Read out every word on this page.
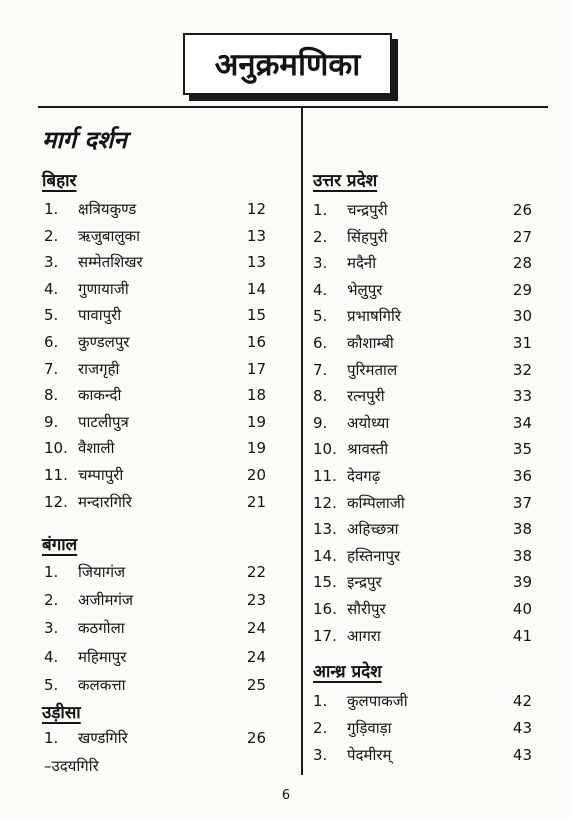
अनुक्रमणिका
मार्ग दर्शन
बिहार
1. क्षत्रियकुण्ड	12
2. ऋजुबालुका	13
3. सम्मेतशिखर	13
4. गुणायाजी	14
5. पावापुरी	15
6. कुण्डलपुर	16
7. राजगृही	17
8. काकन्दी	18
9. पाटलीपुत्र	19
10. वैशाली	19
11. चम्पापुरी	20
12. मन्दारगिरि	21
बंगाल
1. जियागंज	22
2. अजीमगंज	23
3. कठगोला	24
4. महिमापुर	24
5. कलकत्ता	25
उड़ीसा
1. खण्डगिरि	26
–उदयगिरि
उत्तर प्रदेश
1. चन्द्रपुरी	26
2. सिंहपुरी	27
3. मदैनी	28
4. भेलुपुर	29
5. प्रभाषगिरि	30
6. कौशाम्बी	31
7. पुरिमताल	32
8. रत्नपुरी	33
9. अयोध्या	34
10. श्रावस्ती	35
11. देवगढ़	36
12. कम्पिलाजी	37
13. अहिच्छत्रा	38
14. हस्तिनापुर	38
15. इन्द्रपुर	39
16. सौरीपुर	40
17. आगरा	41
आन्ध्र प्रदेश
1. कुलपाकजी	42
2. गुड़िवाड़ा	43
3. पेदमीरम्	43
6
